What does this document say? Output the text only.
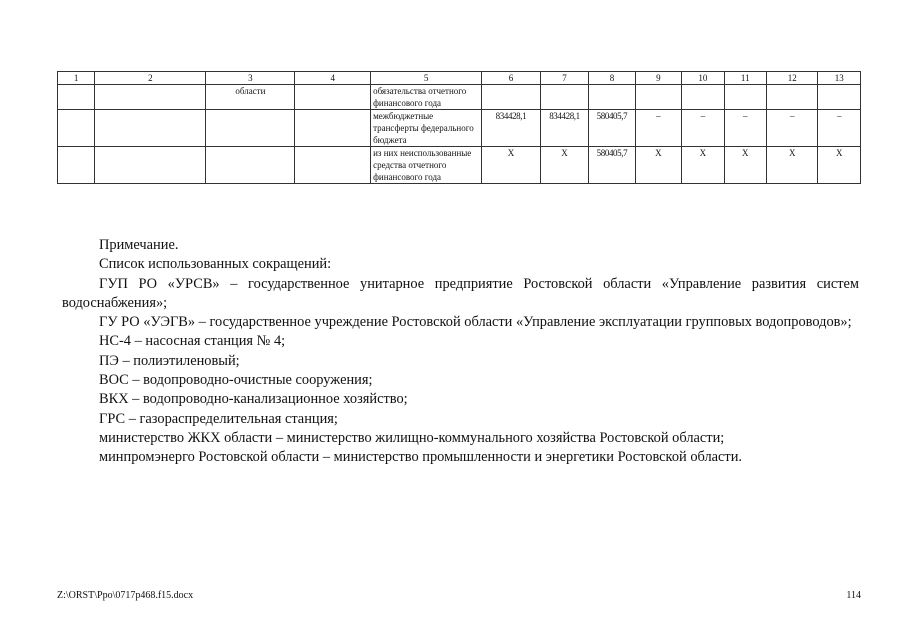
1	2	3	4	5	6	7	8	9	10	11	12	13
		области		обязательства отчетного финансового года								
				межбюджетные трансферты федерального бюджета	834428,1	834428,1	580405,7	–	–	–	–	–
				из них неиспользованные средства отчетного финансового года	Х	Х	580405,7	Х	Х	Х	Х	Х

Примечание.

Список использованных сокращений:

ГУП РО «УРСВ» – государственное унитарное предприятие Ростовской области «Управление развития систем водоснабжения»;

ГУ РО «УЭГВ» – государственное учреждение Ростовской области «Управление эксплуатации групповых водопроводов»;

НС-4 – насосная станция № 4;

ПЭ – полиэтиленовый;

ВОС – водопроводно-очистные сооружения;

ВКХ – водопроводно-канализационное хозяйство;

ГРС – газораспределительная станция;

министерство ЖКХ области – министерство жилищно-коммунального хозяйства Ростовской области;

минпромэнерго Ростовской области – министерство промышленности и энергетики Ростовской области.

Z:\ORST\Ppo\0717p468.f15.docx	114
